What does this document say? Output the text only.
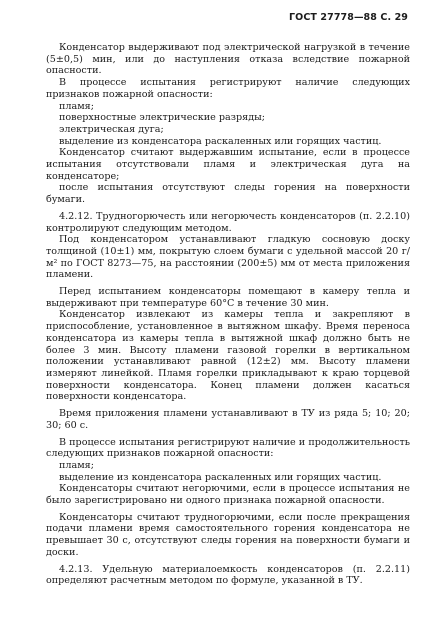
ГОСТ 27778—88 С. 29

Конденсатор выдерживают под электрической нагрузкой в течение (5±0,5) мин, или до наступления отказа вследствие пожарной опасности.

В процессе испытания регистрируют наличие следующих признаков пожарной опасности:

пламя;

поверхностные электрические разряды;

электрическая дуга;

выделение из конденсатора раскаленных или горящих частиц.

Конденсатор считают выдержавшим испытание, если в процессе испытания отсутствовали пламя и электрическая дуга на конденсаторе;

после испытания отсутствуют следы горения на поверхности бумаги.

4.2.12. Трудногорючесть или негорючесть конденсаторов (п. 2.2.10) контролируют следующим методом.

Под конденсатором устанавливают гладкую сосновую доску толщиной (10±1) мм, покрытую слоем бумаги с удельной массой 20 г/м² по ГОСТ 8273—75, на расстоянии (200±5) мм от места приложения пламени.

Перед испытанием конденсаторы помещают в камеру тепла и выдерживают при температуре 60°С в течение 30 мин.

Конденсатор извлекают из камеры тепла и закрепляют в приспособление, установленное в вытяжном шкафу. Время переноса конденсатора из камеры тепла в вытяжной шкаф должно быть не более 3 мин. Высоту пламени газовой горелки в вертикальном положении устанавливают равной (12±2) мм. Высоту пламени измеряют линейкой. Пламя горелки прикладывают к краю торцевой поверхности конденсатора. Конец пламени должен касаться поверхности конденсатора.

Время приложения пламени устанавливают в ТУ из ряда 5; 10; 20; 30; 60 с.

В процессе испытания регистрируют наличие и продолжительность следующих признаков пожарной опасности:

пламя;

выделение из конденсатора раскаленных или горящих частиц.

Конденсаторы считают негорючими, если в процессе испытания не было зарегистрировано ни одного признака пожарной опасности.

Конденсаторы считают трудногорючими, если после прекращения подачи пламени время самостоятельного горения конденсатора не превышает 30 с, отсутствуют следы горения на поверхности бумаги и доски.

4.2.13. Удельную материалоемкость конденсаторов (п. 2.2.11) определяют расчетным методом по формуле, указанной в ТУ.
